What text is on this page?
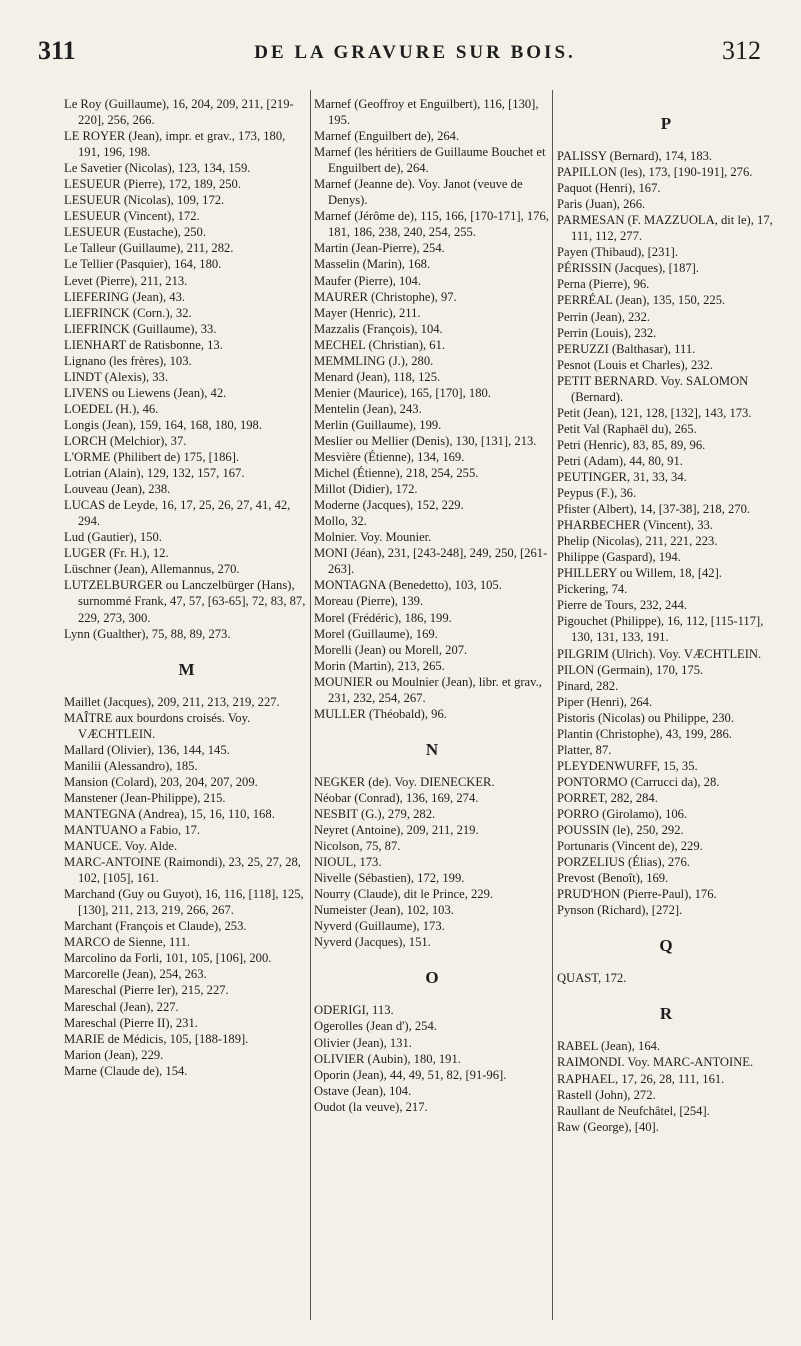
311	DE LA GRAVURE SUR BOIS.	312

Le Roy (Guillaume), 16, 204, 209, 211, [219-220], 256, 266.

LE ROYER (Jean), impr. et grav., 173, 180, 191, 196, 198.

Le Savetier (Nicolas), 123, 134, 159.

LESUEUR (Pierre), 172, 189, 250.

LESUEUR (Nicolas), 109, 172.

LESUEUR (Vincent), 172.

LESUEUR (Eustache), 250.

Le Talleur (Guillaume), 211, 282.

Le Tellier (Pasquier), 164, 180.

Levet (Pierre), 211, 213.

LIEFERING (Jean), 43.

LIEFRINCK (Corn.), 32.

LIEFRINCK (Guillaume), 33.

LIENHART de Ratisbonne, 13.

Lignano (les frères), 103.

LINDT (Alexis), 33.

LIVENS ou Liewens (Jean), 42.

LOEDEL (H.), 46.

Longis (Jean), 159, 164, 168, 180, 198.

LORCH (Melchior), 37.

L'ORME (Philibert de) 175, [186].

Lotrian (Alain), 129, 132, 157, 167.

Louveau (Jean), 238.

LUCAS de Leyde, 16, 17, 25, 26, 27, 41, 42, 294.

Lud (Gautier), 150.

LUGER (Fr. H.), 12.

Lüschner (Jean), Allemannus, 270.

LUTZELBURGER ou Lanczelbürger (Hans), surnommé Frank, 47, 57, [63-65], 72, 83, 87, 229, 273, 300.

Lynn (Gualther), 75, 88, 89, 273.

M

Maillet (Jacques), 209, 211, 213, 219, 227.

MAÎTRE aux bourdons croisés. Voy. VÆCHTLEIN.

Mallard (Olivier), 136, 144, 145.

Manilii (Alessandro), 185.

Mansion (Colard), 203, 204, 207, 209.

Manstener (Jean-Philippe), 215.

MANTEGNA (Andrea), 15, 16, 110, 168.

MANTUANO a Fabio, 17.

MANUCE. Voy. Alde.

MARC-ANTOINE (Raimondi), 23, 25, 27, 28, 102, [105], 161.

Marchand (Guy ou Guyot), 16, 116, [118], 125, [130], 211, 213, 219, 266, 267.

Marchant (François et Claude), 253.

MARCO de Sienne, 111.

Marcolino da Forli, 101, 105, [106], 200.

Marcorelle (Jean), 254, 263.

Mareschal (Pierre Ier), 215, 227.

Mareschal (Jean), 227.

Mareschal (Pierre II), 231.

MARIE de Médicis, 105, [188-189].

Marion (Jean), 229.

Marne (Claude de), 154.

Marnef (Geoffroy et Enguilbert), 116, [130], 195.

Marnef (Enguilbert de), 264.

Marnef (les héritiers de Guillaume Bouchet et Enguilbert de), 264.

Marnef (Jeanne de). Voy. Janot (veuve de Denys).

Marnef (Jérôme de), 115, 166, [170-171], 176, 181, 186, 238, 240, 254, 255.

Martin (Jean-Pierre), 254.

Masselin (Marin), 168.

Maufer (Pierre), 104.

MAURER (Christophe), 97.

Mayer (Henric), 211.

Mazzalis (François), 104.

MECHEL (Christian), 61.

MEMMLING (J.), 280.

Menard (Jean), 118, 125.

Menier (Maurice), 165, [170], 180.

Mentelin (Jean), 243.

Merlin (Guillaume), 199.

Meslier ou Mellier (Denis), 130, [131], 213.

Mesvière (Étienne), 134, 169.

Michel (Étienne), 218, 254, 255.

Millot (Didier), 172.

Moderne (Jacques), 152, 229.

Mollo, 32.

Molnier. Voy. Mounier.

MONI (Jéan), 231, [243-248], 249, 250, [261-263].

MONTAGNA (Benedetto), 103, 105.

Moreau (Pierre), 139.

Morel (Frédéric), 186, 199.

Morel (Guillaume), 169.

Morelli (Jean) ou Morell, 207.

Morin (Martin), 213, 265.

MOUNIER ou Moulnier (Jean), libr. et grav., 231, 232, 254, 267.

MULLER (Théobald), 96.

N

NEGKER (de). Voy. DIENECKER.

Néobar (Conrad), 136, 169, 274.

NESBIT (G.), 279, 282.

Neyret (Antoine), 209, 211, 219.

Nicolson, 75, 87.

NIOUL, 173.

Nivelle (Sébastien), 172, 199.

Nourry (Claude), dit le Prince, 229.

Numeister (Jean), 102, 103.

Nyverd (Guillaume), 173.

Nyverd (Jacques), 151.

O

ODERIGI, 113.

Ogerolles (Jean d'), 254.

Olivier (Jean), 131.

OLIVIER (Aubin), 180, 191.

Oporin (Jean), 44, 49, 51, 82, [91-96].

Ostave (Jean), 104.

Oudot (la veuve), 217.

P

PALISSY (Bernard), 174, 183.

PAPILLON (les), 173, [190-191], 276.

Paquot (Henri), 167.

Paris (Juan), 266.

PARMESAN (F. MAZZUOLA, dit le), 17, 111, 112, 277.

Payen (Thibaud), [231].

PÉRISSIN (Jacques), [187].

Perna (Pierre), 96.

PERRÉAL (Jean), 135, 150, 225.

Perrin (Jean), 232.

Perrin (Louis), 232.

PERUZZI (Balthasar), 111.

Pesnot (Louis et Charles), 232.

PETIT BERNARD. Voy. SALOMON (Bernard).

Petit (Jean), 121, 128, [132], 143, 173.

Petit Val (Raphaël du), 265.

Petri (Henric), 83, 85, 89, 96.

Petri (Adam), 44, 80, 91.

PEUTINGER, 31, 33, 34.

Peypus (F.), 36.

Pfister (Albert), 14, [37-38], 218, 270.

PHARBECHER (Vincent), 33.

Phelip (Nicolas), 211, 221, 223.

Philippe (Gaspard), 194.

PHILLERY ou Willem, 18, [42].

Pickering, 74.

Pierre de Tours, 232, 244.

Pigouchet (Philippe), 16, 112, [115-117], 130, 131, 133, 191.

PILGRIM (Ulrich). Voy. VÆCHTLEIN.

PILON (Germain), 170, 175.

Pinard, 282.

Piper (Henri), 264.

Pistoris (Nicolas) ou Philippe, 230.

Plantin (Christophe), 43, 199, 286.

Platter, 87.

PLEYDENWURFF, 15, 35.

PONTORMO (Carrucci da), 28.

PORRET, 282, 284.

PORRO (Girolamo), 106.

POUSSIN (le), 250, 292.

Portunaris (Vincent de), 229.

PORZELIUS (Élias), 276.

Prevost (Benoît), 169.

PRUD'HON (Pierre-Paul), 176.

Pynson (Richard), [272].

Q

QUAST, 172.

R

RABEL (Jean), 164.

RAIMONDI. Voy. MARC-ANTOINE.

RAPHAEL, 17, 26, 28, 111, 161.

Rastell (John), 272.

Raullant de Neufchâtel, [254].

Raw (George), [40].
